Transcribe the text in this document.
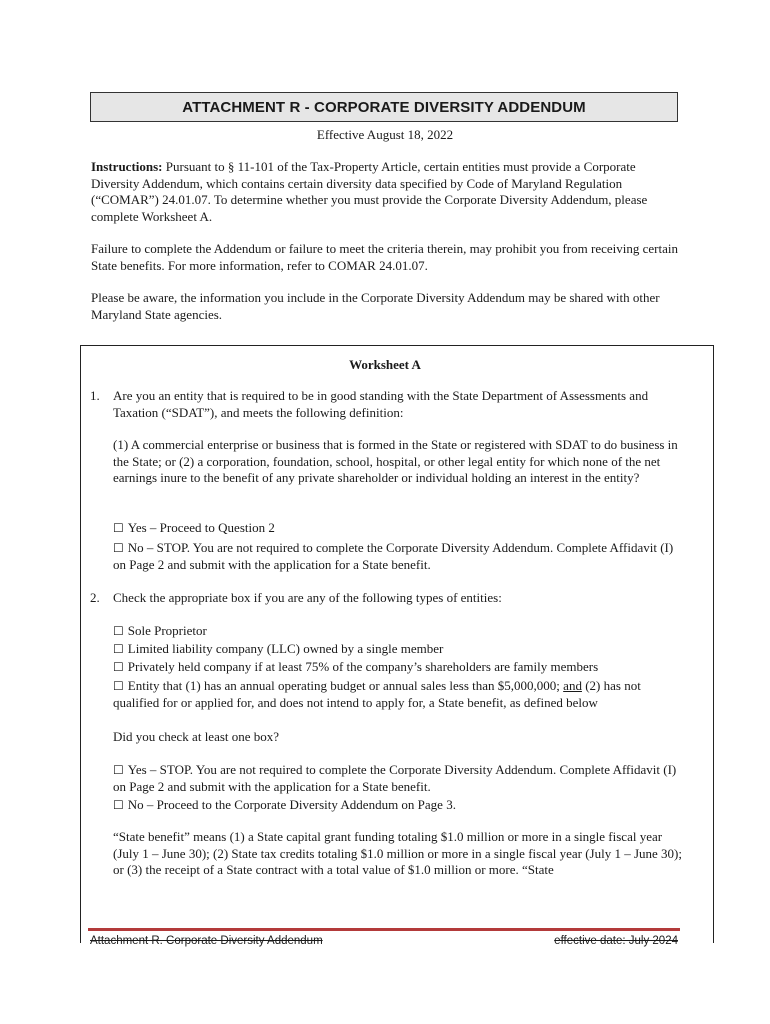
ATTACHMENT R - CORPORATE DIVERSITY ADDENDUM
Effective August 18, 2022
Instructions: Pursuant to § 11-101 of the Tax-Property Article, certain entities must provide a Corporate Diversity Addendum, which contains certain diversity data specified by Code of Maryland Regulation (“COMAR”) 24.01.07. To determine whether you must provide the Corporate Diversity Addendum, please complete Worksheet A.
Failure to complete the Addendum or failure to meet the criteria therein, may prohibit you from receiving certain State benefits. For more information, refer to COMAR 24.01.07.
Please be aware, the information you include in the Corporate Diversity Addendum may be shared with other Maryland State agencies.
Worksheet A
1. Are you an entity that is required to be in good standing with the State Department of Assessments and Taxation (“SDAT”), and meets the following definition:
(1) A commercial enterprise or business that is formed in the State or registered with SDAT to do business in the State; or (2) a corporation, foundation, school, hospital, or other legal entity for which none of the net earnings inure to the benefit of any private shareholder or individual holding an interest in the entity?
☐ Yes – Proceed to Question 2
☐ No – STOP. You are not required to complete the Corporate Diversity Addendum. Complete Affidavit (I) on Page 2 and submit with the application for a State benefit.
2. Check the appropriate box if you are any of the following types of entities:
☐ Sole Proprietor
☐ Limited liability company (LLC) owned by a single member
☐ Privately held company if at least 75% of the company’s shareholders are family members
☐ Entity that (1) has an annual operating budget or annual sales less than $5,000,000; and (2) has not qualified for or applied for, and does not intend to apply for, a State benefit, as defined below
Did you check at least one box?
☐ Yes – STOP. You are not required to complete the Corporate Diversity Addendum. Complete Affidavit (I) on Page 2 and submit with the application for a State benefit.
☐ No – Proceed to the Corporate Diversity Addendum on Page 3.
“State benefit” means (1) a State capital grant funding totaling $1.0 million or more in a single fiscal year (July 1 – June 30); (2) State tax credits totaling $1.0 million or more in a single fiscal year (July 1 – June 30); or (3) the receipt of a State contract with a total value of $1.0 million or more. “State
Attachment R. Corporate Diversity Addendum	effective date: July 2024
